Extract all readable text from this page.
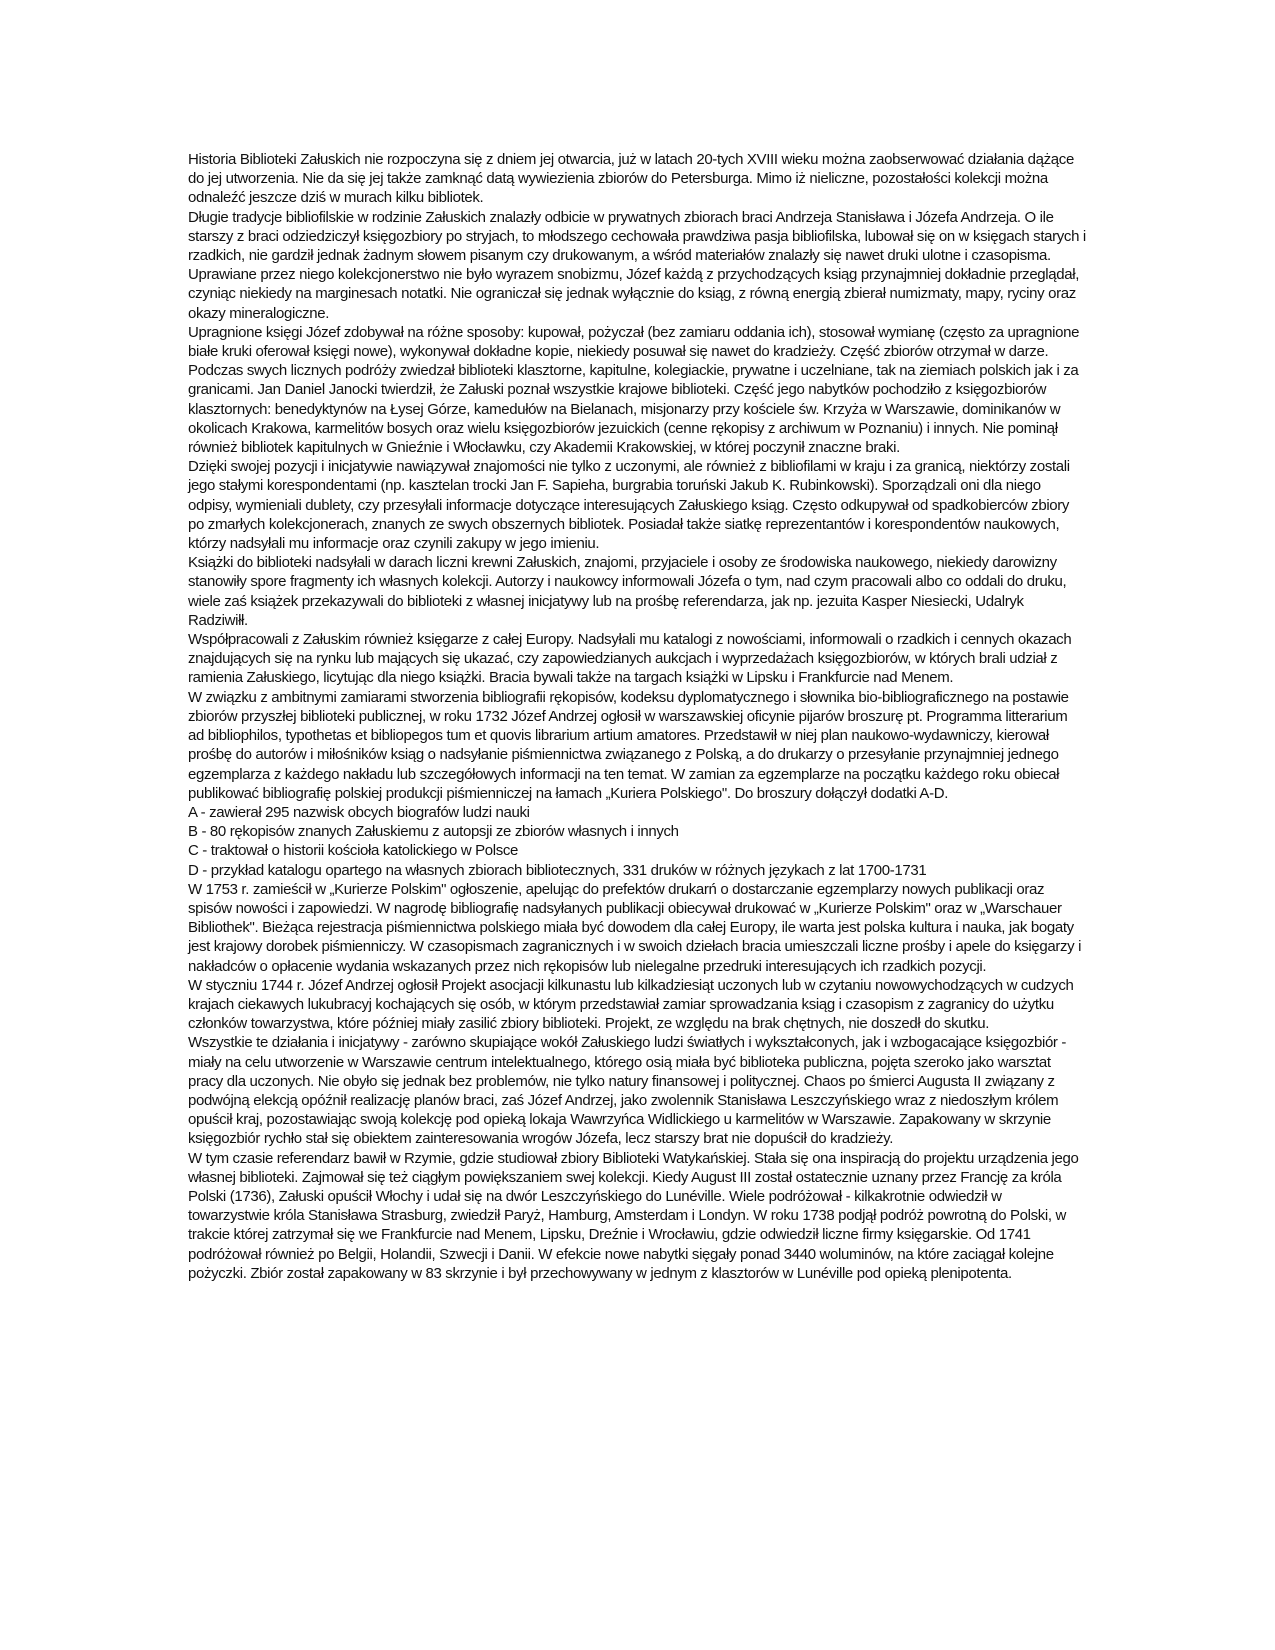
Historia Biblioteki Załuskich nie rozpoczyna się z dniem jej otwarcia, już w latach 20-tych XVIII wieku można zaobserwować działania dążące do jej utworzenia. Nie da się jej także zamknąć datą wywiezienia zbiorów do Petersburga. Mimo iż nieliczne, pozostałości kolekcji można odnaleźć jeszcze dziś w murach kilku bibliotek.

Długie tradycje bibliofilskie w rodzinie Załuskich znalazły odbicie w prywatnych zbiorach braci Andrzeja Stanisława i Józefa Andrzeja. O ile starszy z braci odziedziczył księgozbiory po stryjach, to młodszego cechowała prawdziwa pasja bibliofilska, lubował się on w księgach starych i rzadkich, nie gardził jednak żadnym słowem pisanym czy drukowanym, a wśród materiałów znalazły się nawet druki ulotne i czasopisma. Uprawiane przez niego kolekcjonerstwo nie było wyrazem snobizmu, Józef każdą z przychodzących ksiąg przynajmniej dokładnie przeglądał, czyniąc niekiedy na marginesach notatki. Nie ograniczał się jednak wyłącznie do ksiąg, z równą energią zbierał numizmaty, mapy, ryciny oraz okazy mineralogiczne.

Upragnione księgi Józef zdobywał na różne sposoby: kupował, pożyczał (bez zamiaru oddania ich), stosował wymianę (często za upragnione białe kruki oferował księgi nowe), wykonywał dokładne kopie, niekiedy posuwał się nawet do kradzieży. Część zbiorów otrzymał w darze.

Podczas swych licznych podróży zwiedzał biblioteki klasztorne, kapitulne, kolegiackie, prywatne i uczelniane, tak na ziemiach polskich jak i za granicami. Jan Daniel Janocki twierdził, że Załuski poznał wszystkie krajowe biblioteki. Część jego nabytków pochodziło z księgozbiorów klasztornych: benedyktynów na Łysej Górze, kamedułów na Bielanach, misjonarzy przy kościele św. Krzyża w Warszawie, dominikanów w okolicach Krakowa, karmelitów bosych oraz wielu księgozbiorów jezuickich (cenne rękopisy z archiwum w Poznaniu) i innych. Nie pominął również bibliotek kapitulnych w Gnieźnie i Włocławku, czy Akademii Krakowskiej, w której poczynił znaczne braki.

Dzięki swojej pozycji i inicjatywie nawiązywał znajomości nie tylko z uczonymi, ale również z bibliofilami w kraju i za granicą, niektórzy zostali jego stałymi korespondentami (np. kasztelan trocki Jan F. Sapieha, burgrabia toruński Jakub K. Rubinkowski). Sporządzali oni dla niego odpisy, wymieniali dublety, czy przesyłali informacje dotyczące interesujących Załuskiego ksiąg. Często odkupywał od spadkobierców zbiory po zmarłych kolekcjonerach, znanych ze swych obszernych bibliotek. Posiadał także siatkę reprezentantów i korespondentów naukowych, którzy nadsyłali mu informacje oraz czynili zakupy w jego imieniu.

Książki do biblioteki nadsyłali w darach liczni krewni Załuskich, znajomi, przyjaciele i osoby ze środowiska naukowego, niekiedy darowizny stanowiły spore fragmenty ich własnych kolekcji. Autorzy i naukowcy informowali Józefa o tym, nad czym pracowali albo co oddali do druku, wiele zaś książek przekazywali do biblioteki z własnej inicjatywy lub na prośbę referendarza, jak np. jezuita Kasper Niesiecki, Udalryk Radziwiłł.

Współpracowali z Załuskim również księgarze z całej Europy. Nadsyłali mu katalogi z nowościami, informowali o rzadkich i cennych okazach znajdujących się na rynku lub mających się ukazać, czy zapowiedzianych aukcjach i wyprzedażach księgozbiorów, w których brali udział z ramienia Załuskiego, licytując dla niego książki. Bracia bywali także na targach książki w Lipsku i Frankfurcie nad Menem.

W związku z ambitnymi zamiarami stworzenia bibliografii rękopisów, kodeksu dyplomatycznego i słownika bio-bibliograficznego na postawie zbiorów przyszłej biblioteki publicznej, w roku 1732 Józef Andrzej ogłosił w warszawskiej oficynie pijarów broszurę pt. Programma litterarium ad bibliophilos, typothetas et bibliopegos tum et quovis librarium artium amatores. Przedstawił w niej plan naukowo-wydawniczy, kierował prośbę do autorów i miłośników ksiąg o nadsyłanie piśmiennictwa związanego z Polską, a do drukarzy o przesyłanie przynajmniej jednego egzemplarza z każdego nakładu lub szczegółowych informacji na ten temat. W zamian za egzemplarze na początku każdego roku obiecał publikować bibliografię polskiej produkcji piśmienniczej na łamach „Kuriera Polskiego". Do broszury dołączył dodatki A-D.

A - zawierał 295 nazwisk obcych biografów ludzi nauki

B - 80 rękopisów znanych Załuskiemu z autopsji ze zbiorów własnych i innych

C - traktował o historii kościoła katolickiego w Polsce

D - przykład katalogu opartego na własnych zbiorach bibliotecznych, 331 druków w różnych językach z lat 1700-1731

W 1753 r. zamieścił w „Kurierze Polskim" ogłoszenie, apelując do prefektów drukarń o dostarczanie egzemplarzy nowych publikacji oraz spisów nowości i zapowiedzi. W nagrodę bibliografię nadsyłanych publikacji obiecywał drukować w „Kurierze Polskim" oraz w „Warschauer Bibliothek". Bieżąca rejestracja piśmiennictwa polskiego miała być dowodem dla całej Europy, ile warta jest polska kultura i nauka, jak bogaty jest krajowy dorobek piśmienniczy. W czasopismach zagranicznych i w swoich dziełach bracia umieszczali liczne prośby i apele do księgarzy i nakładców o opłacenie wydania wskazanych przez nich rękopisów lub nielegalne przedruki interesujących ich rzadkich pozycji.

W styczniu 1744 r. Józef Andrzej ogłosił Projekt asocjacji kilkunastu lub kilkadziesiąt uczonych lub w czytaniu nowowychodzących w cudzych krajach ciekawych lukubracyj kochających się osób, w którym przedstawiał zamiar sprowadzania ksiąg i czasopism z zagranicy do użytku członków towarzystwa, które później miały zasilić zbiory biblioteki. Projekt, ze względu na brak chętnych, nie doszedł do skutku.

Wszystkie te działania i inicjatywy - zarówno skupiające wokół Załuskiego ludzi światłych i wykształconych, jak i wzbogacające księgozbiór - miały na celu utworzenie w Warszawie centrum intelektualnego, którego osią miała być biblioteka publiczna, pojęta szeroko jako warsztat pracy dla uczonych. Nie obyło się jednak bez problemów, nie tylko natury finansowej i politycznej. Chaos po śmierci Augusta II związany z podwójną elekcją opóźnił realizację planów braci, zaś Józef Andrzej, jako zwolennik Stanisława Leszczyńskiego wraz z niedoszłym królem opuścił kraj, pozostawiając swoją kolekcję pod opieką lokaja Wawrzyńca Widlickiego u karmelitów w Warszawie. Zapakowany w skrzynie księgozbiór rychło stał się obiektem zainteresowania wrogów Józefa, lecz starszy brat nie dopuścił do kradzieży.

W tym czasie referendarz bawił w Rzymie, gdzie studiował zbiory Biblioteki Watykańskiej. Stała się ona inspiracją do projektu urządzenia jego własnej biblioteki. Zajmował się też ciągłym powiększaniem swej kolekcji. Kiedy August III został ostatecznie uznany przez Francję za króla Polski (1736), Załuski opuścił Włochy i udał się na dwór Leszczyńskiego do Lunéville. Wiele podróżował - kilkakrotnie odwiedził w towarzystwie króla Stanisława Strasburg, zwiedził Paryż, Hamburg, Amsterdam i Londyn. W roku 1738 podjął podróż powrotną do Polski, w trakcie której zatrzymał się we Frankfurcie nad Menem, Lipsku, Dreźnie i Wrocławiu, gdzie odwiedził liczne firmy księgarskie. Od 1741 podróżował również po Belgii, Holandii, Szwecji i Danii. W efekcie nowe nabytki sięgały ponad 3440 woluminów, na które zaciągał kolejne pożyczki. Zbiór został zapakowany w 83 skrzynie i był przechowywany w jednym z klasztorów w Lunéville pod opieką plenipotenta.
